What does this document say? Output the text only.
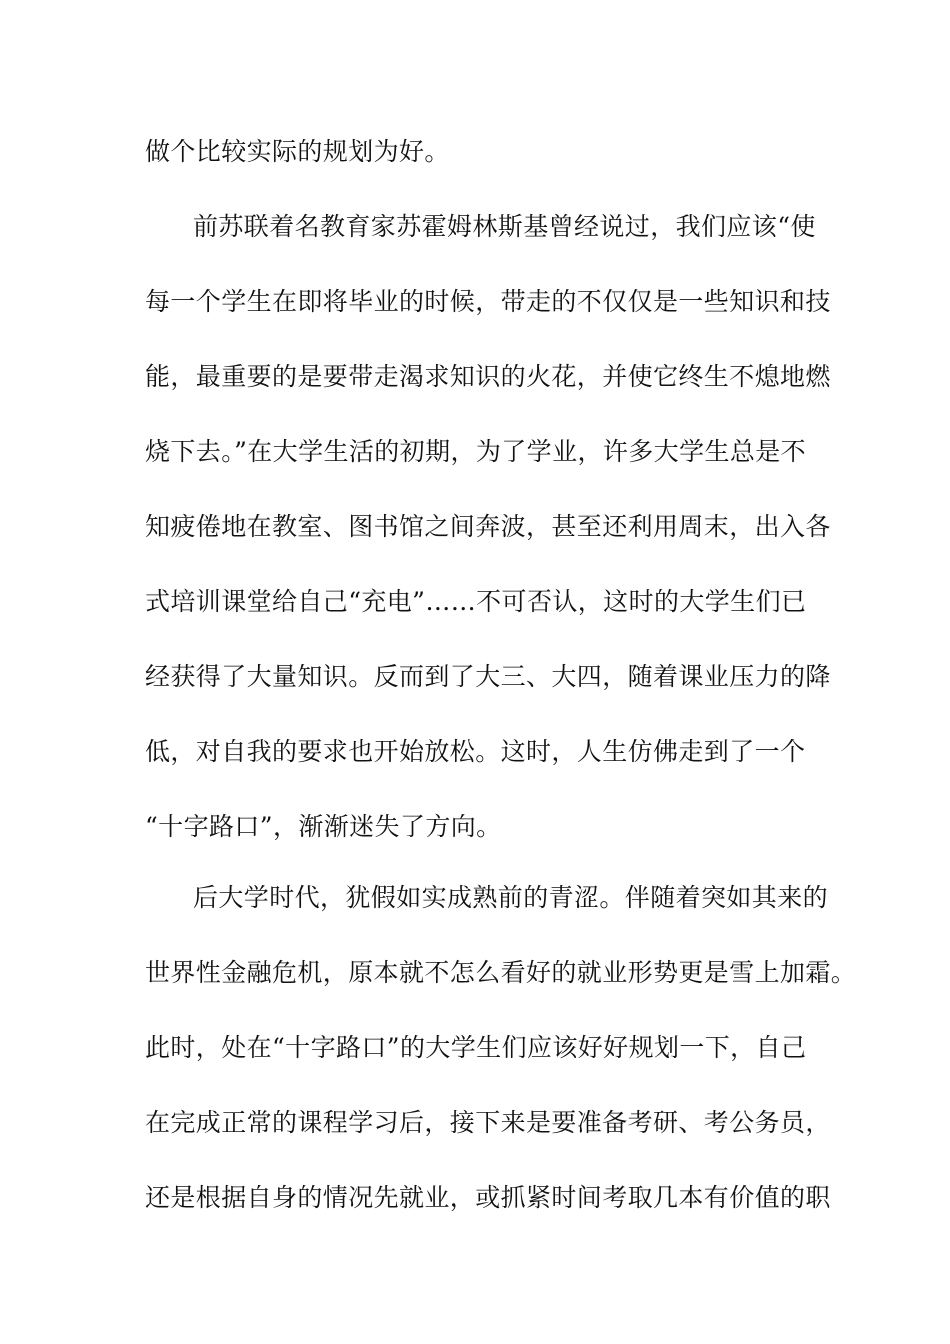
做个比较实际的规划为好。
前苏联着名教育家苏霍姆林斯基曾经说过，我们应该“使
每一个学生在即将毕业的时候，带走的不仅仅是一些知识和技
能，最重要的是要带走渴求知识的火花，并使它终生不熄地燃
烧下去。”在大学生活的初期，为了学业，许多大学生总是不
知疲倦地在教室、图书馆之间奔波，甚至还利用周末，出入各
式培训课堂给自己“充电”……不可否认，这时的大学生们已
经获得了大量知识。反而到了大三、大四，随着课业压力的降
低，对自我的要求也开始放松。这时，人生仿佛走到了一个
“十字路口”，渐渐迷失了方向。
后大学时代，犹假如实成熟前的青涩。伴随着突如其来的
世界性金融危机，原本就不怎么看好的就业形势更是雪上加霜。
此时，处在“十字路口”的大学生们应该好好规划一下，自己
在完成正常的课程学习后，接下来是要准备考研、考公务员，
还是根据自身的情况先就业，或抓紧时间考取几本有价值的职
